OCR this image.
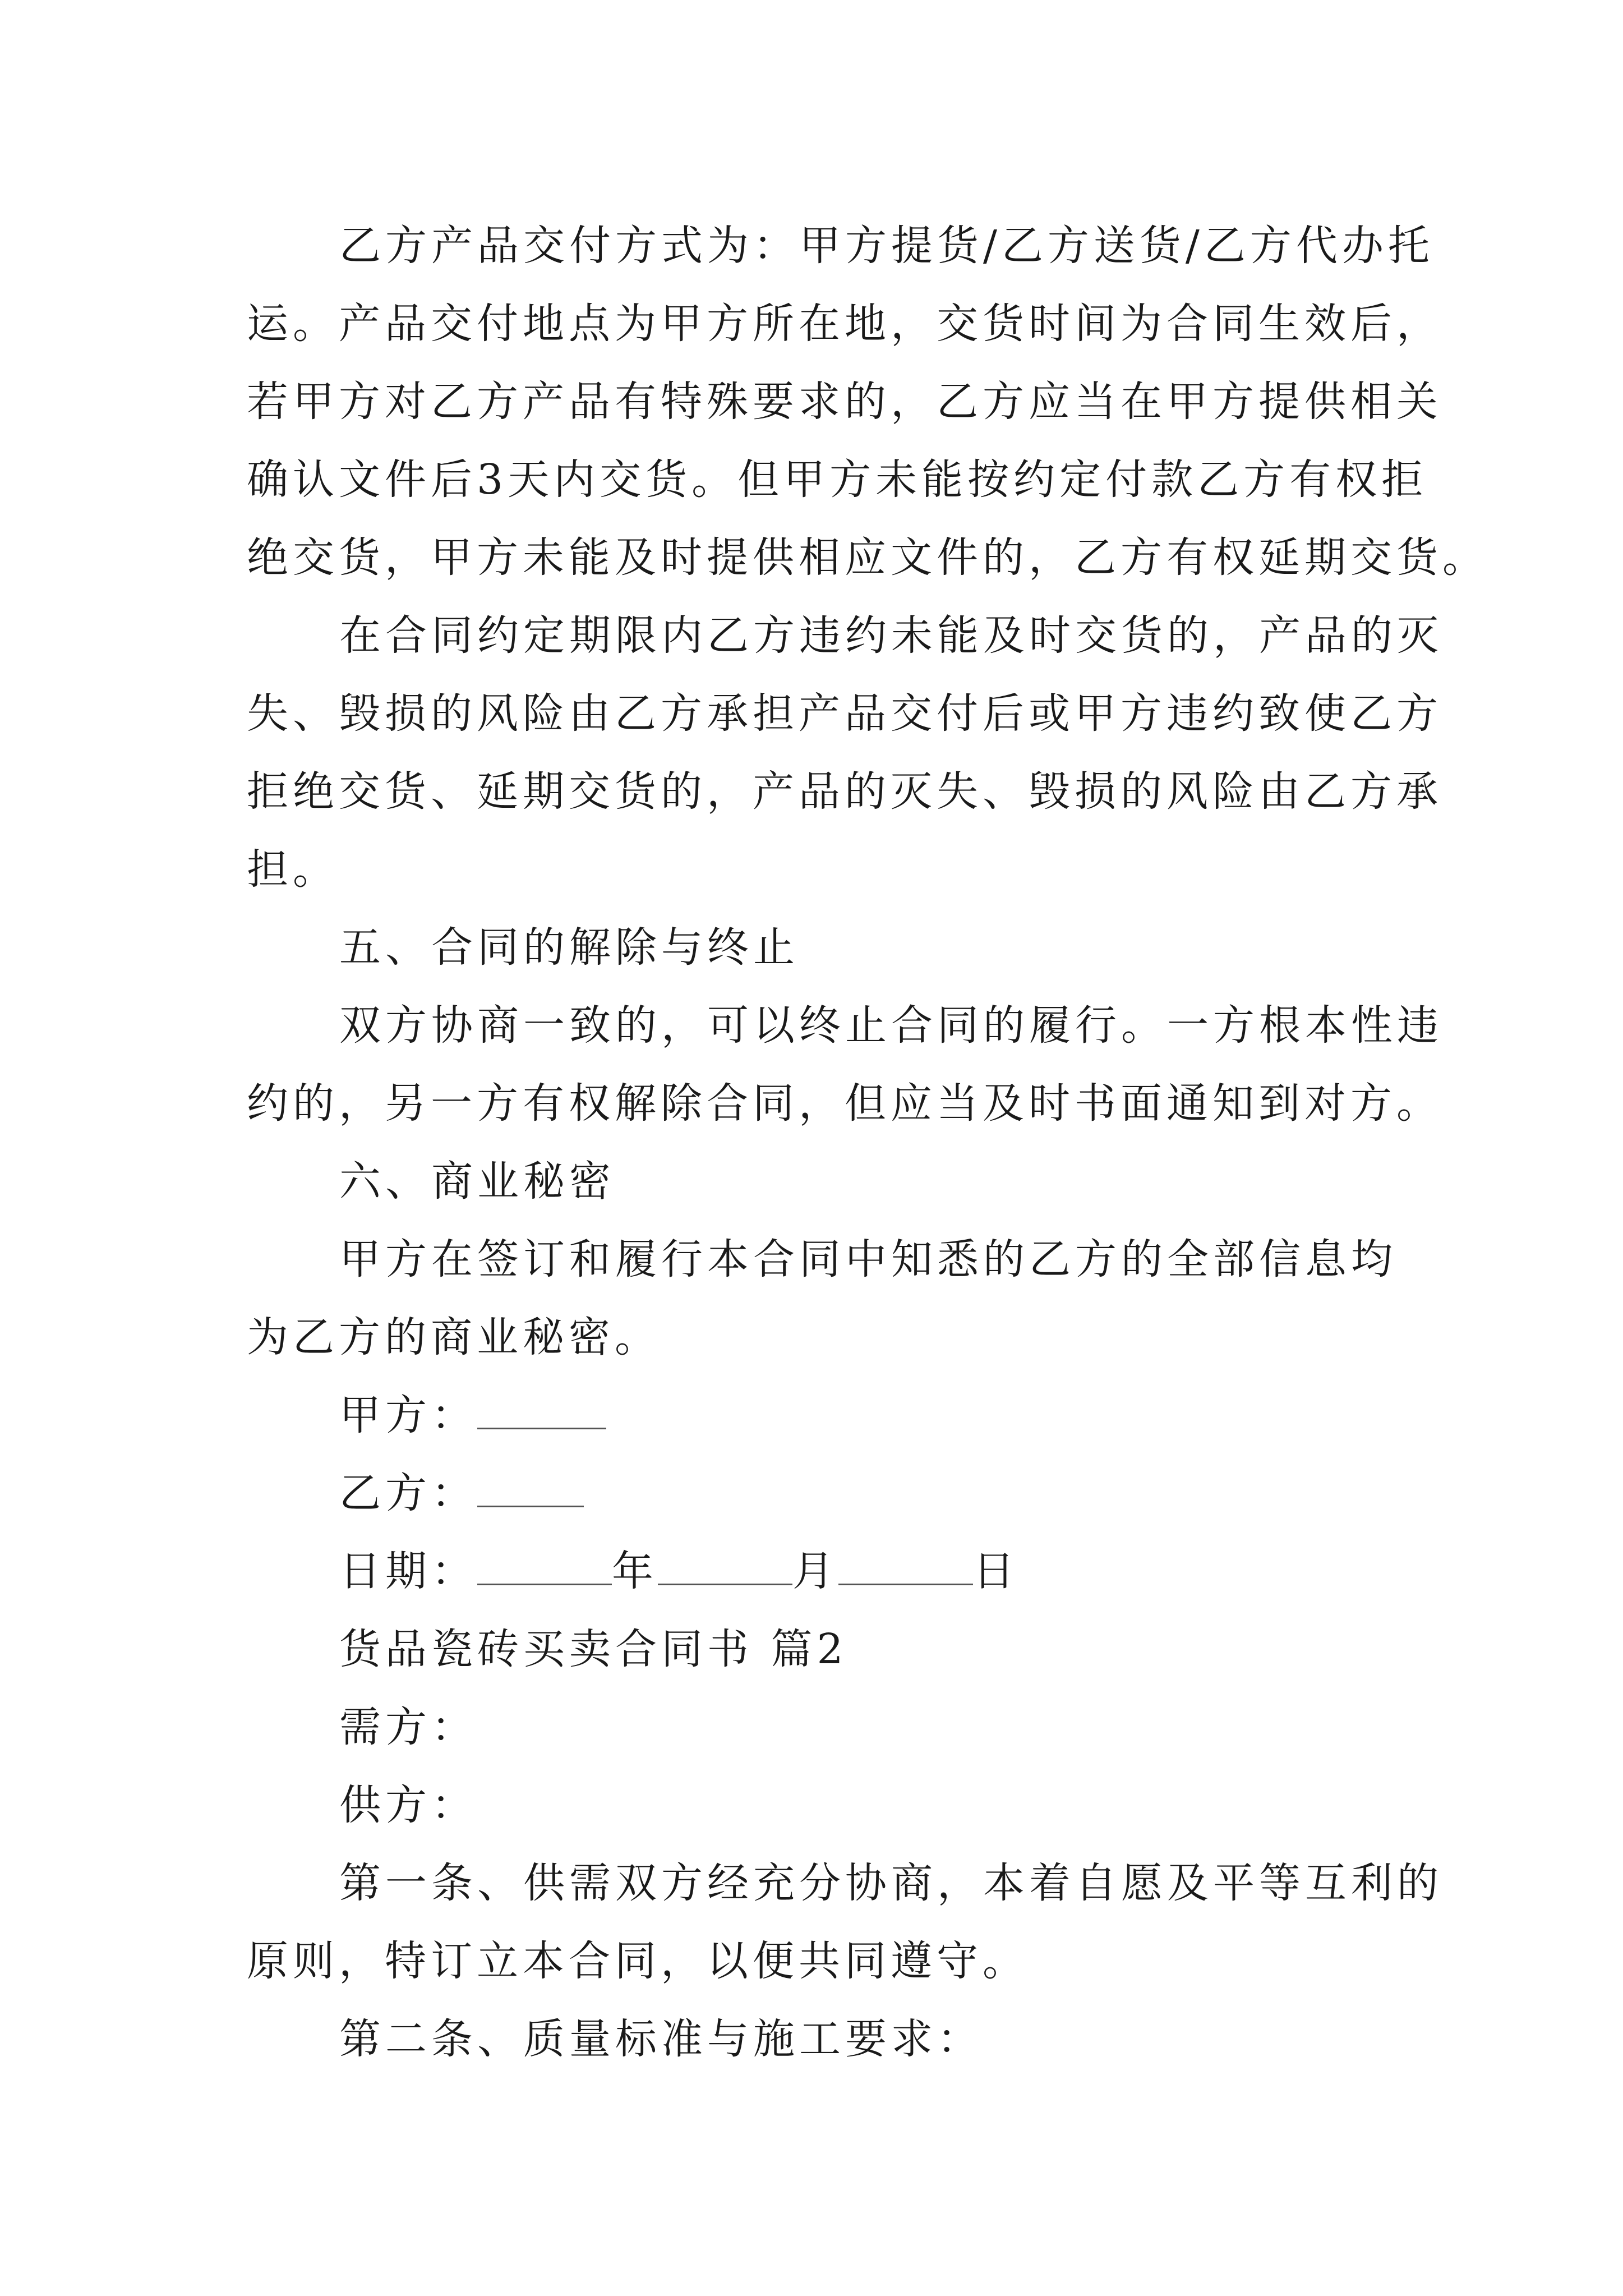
乙方产品交付方式为：甲方提货/乙方送货/乙方代办托
运。产品交付地点为甲方所在地，交货时间为合同生效后，
若甲方对乙方产品有特殊要求的，乙方应当在甲方提供相关
确认文件后3天内交货。但甲方未能按约定付款乙方有权拒
绝交货，甲方未能及时提供相应文件的，乙方有权延期交货。
在合同约定期限内乙方违约未能及时交货的，产品的灭
失、毁损的风险由乙方承担产品交付后或甲方违约致使乙方
拒绝交货、延期交货的，产品的灭失、毁损的风险由乙方承
担。
五、合同的解除与终止
双方协商一致的，可以终止合同的履行。一方根本性违
约的，另一方有权解除合同，但应当及时书面通知到对方。
六、商业秘密
甲方在签订和履行本合同中知悉的乙方的全部信息均
为乙方的商业秘密。
甲方：
乙方：
日期：	年	月	日
货品瓷砖买卖合同书 篇2
需方：
供方：
第一条、供需双方经充分协商，本着自愿及平等互利的
原则，特订立本合同，以便共同遵守。
第二条、质量标准与施工要求：
